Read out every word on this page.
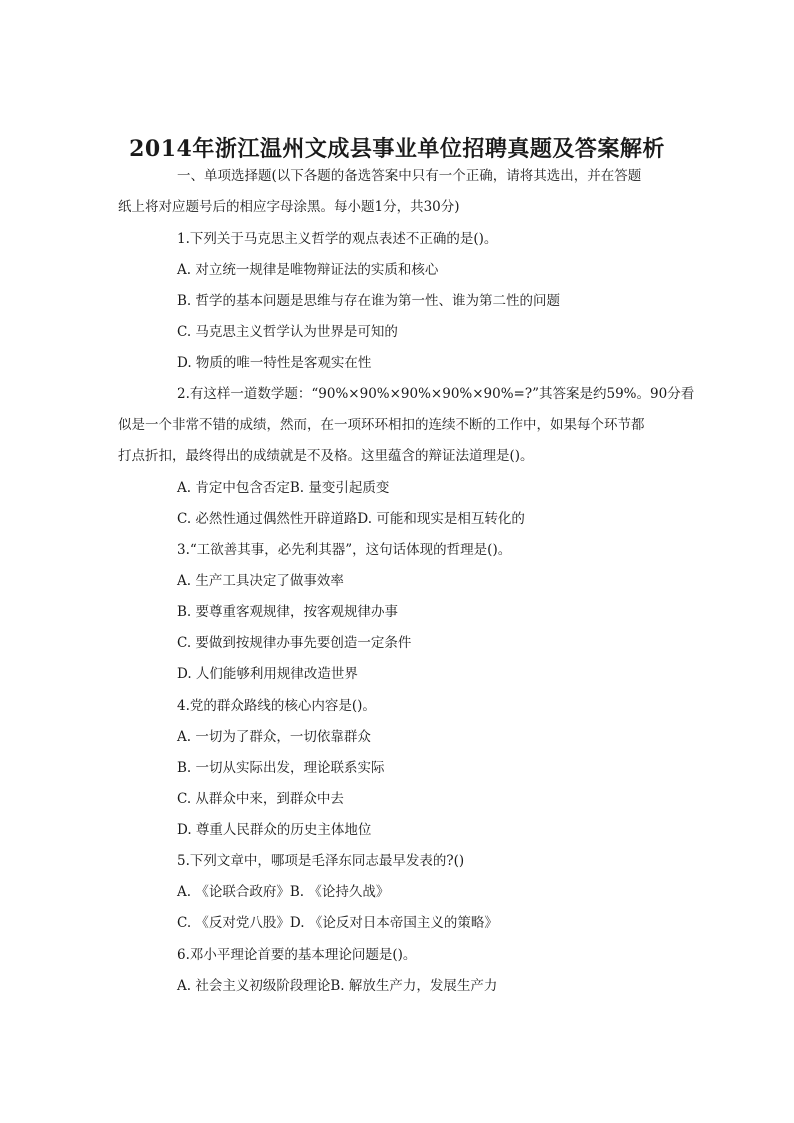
2014年浙江温州文成县事业单位招聘真题及答案解析
一、单项选择题(以下各题的备选答案中只有一个正确，请将其选出，并在答题
纸上将对应题号后的相应字母涂黑。每小题1分，共30分)
1.下列关于马克思主义哲学的观点表述不正确的是()。
A. 对立统一规律是唯物辩证法的实质和核心
B. 哲学的基本问题是思维与存在谁为第一性、谁为第二性的问题
C. 马克思主义哲学认为世界是可知的
D. 物质的唯一特性是客观实在性
2.有这样一道数学题：“90%×90%×90%×90%×90%=?”其答案是约59%。90分看
似是一个非常不错的成绩，然而，在一项环环相扣的连续不断的工作中，如果每个环节都
打点折扣，最终得出的成绩就是不及格。这里蕴含的辩证法道理是()。
A. 肯定中包含否定B. 量变引起质变
C. 必然性通过偶然性开辟道路D. 可能和现实是相互转化的
3.“工欲善其事，必先利其器”，这句话体现的哲理是()。
A. 生产工具决定了做事效率
B. 要尊重客观规律，按客观规律办事
C. 要做到按规律办事先要创造一定条件
D. 人们能够利用规律改造世界
4.党的群众路线的核心内容是()。
A. 一切为了群众，一切依靠群众
B. 一切从实际出发，理论联系实际
C. 从群众中来，到群众中去
D. 尊重人民群众的历史主体地位
5.下列文章中，哪项是毛泽东同志最早发表的?()
A. 《论联合政府》B. 《论持久战》
C. 《反对党八股》D. 《论反对日本帝国主义的策略》
6.邓小平理论首要的基本理论问题是()。
A. 社会主义初级阶段理论B. 解放生产力，发展生产力
